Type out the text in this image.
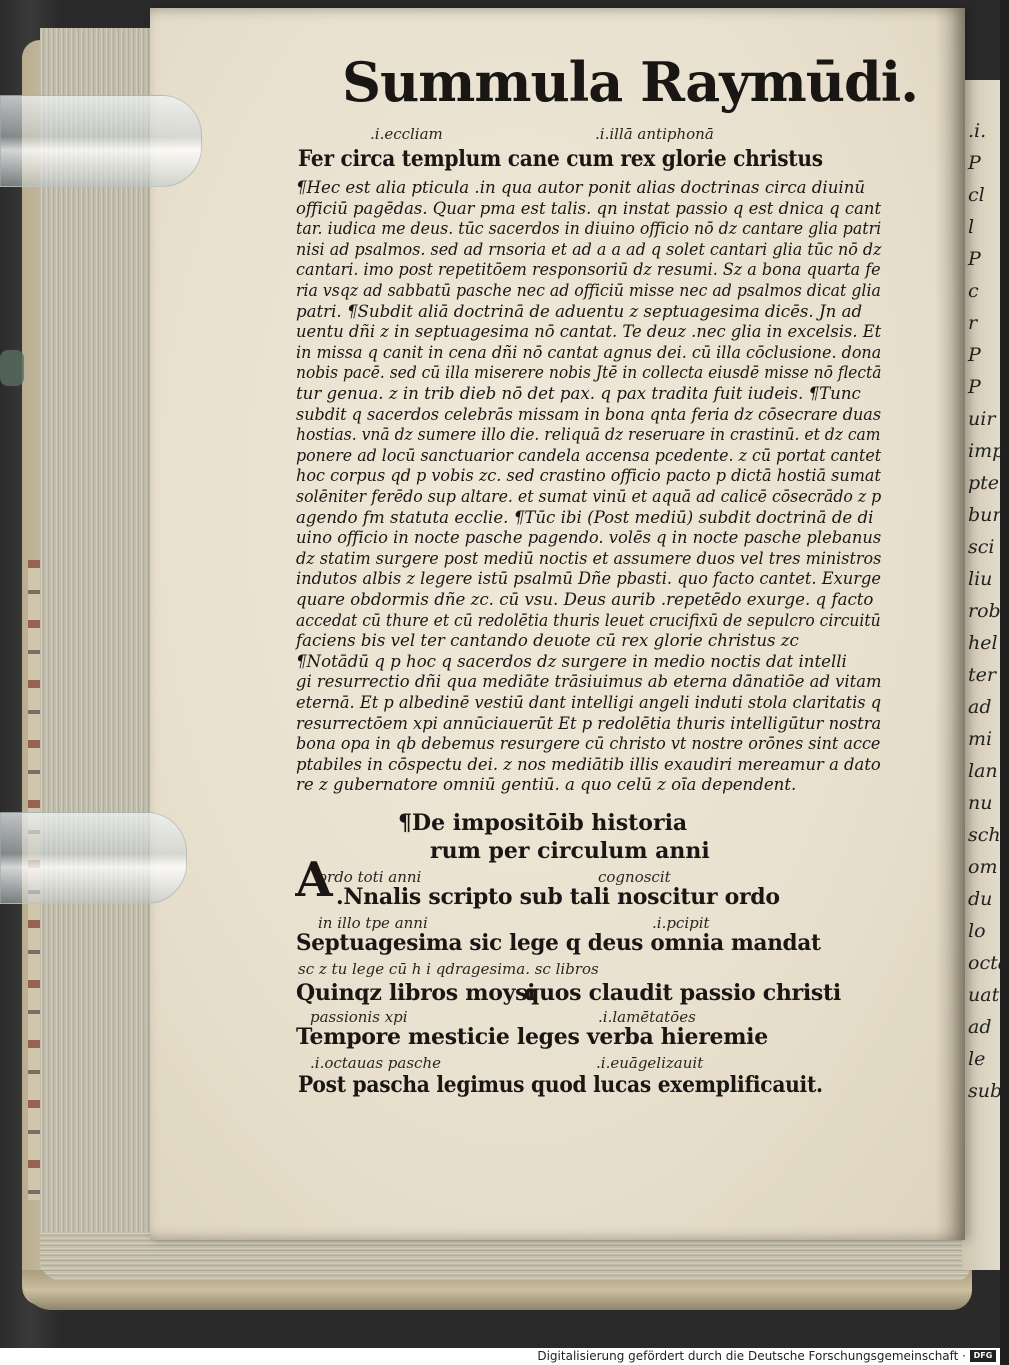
.i.
P
cl
l
P
c
r
P
P
uir
imp
pte
bur
sci
liu
rob
hel
ter
ad
mi
lan
nu
sch
om
du
lo
octa
uat
ad
le
sub
Summula Raymūdi.
.i.eccliam	.i.illā antiphonā
Fer circa templum cane cum rex glorie christus
¶Hec est alia pticula .in qua autor ponit alias doctrinas circa diuinū
officiū pagēdas. Quar pma est talis. qn instat passio q est dnica q cant
tar. iudica me deus. tūc sacerdos in diuino officio nō dz cantare glia patri
nisi ad psalmos. sed ad rnsoria et ad a a ad q solet cantari glia tūc nō dz
cantari. imo post repetitōem responsoriū dz resumi. Sz a bona quarta fe
ria vsqz ad sabbatū pasche nec ad officiū misse nec ad psalmos dicat glia
patri. ¶Subdit aliā doctrinā de aduentu z septuagesima dicēs. Jn ad
uentu dñi z in septuagesima nō cantat. Te deuz .nec glia in excelsis. Et
in missa q canit in cena dñi nō cantat agnus dei. cū illa cōclusione. dona
nobis pacē. sed cū illa miserere nobis Jtē in collecta eiusdē misse nō flectā
tur genua. z in trib dieb nō det pax. q pax tradita fuit iudeis. ¶Tunc
subdit q sacerdos celebrās missam in bona qnta feria dz cōsecrare duas
hostias. vnā dz sumere illo die. reliquā dz reseruare in crastinū. et dz cam
ponere ad locū sanctuarior candela accensa pcedente. z cū portat cantet
hoc corpus qd p vobis zc. sed crastino officio pacto p dictā hostiā sumat
solēniter ferēdo sup altare. et sumat vinū et aquā ad calicē cōsecrādo z p
agendo fm statuta ecclie. ¶Tūc ibi (Post mediū) subdit doctrinā de di
uino officio in nocte pasche pagendo. volēs q in nocte pasche plebanus
dz statim surgere post mediū noctis et assumere duos vel tres ministros
indutos albis z legere istū psalmū Dñe pbasti. quo facto cantet. Exurge
quare obdormis dñe zc. cū vsu. Deus aurib .repetēdo exurge. q facto
accedat cū thure et cū redolētia thuris leuet crucifixū de sepulcro circuitū
faciens bis vel ter cantando deuote cū rex glorie christus zc
¶Notādū q p hoc q sacerdos dz surgere in medio noctis dat intelli
gi resurrectio dñi qua mediāte trāsiuimus ab eterna dānatiōe ad vitam
eternā. Et p albedinē vestiū dant intelligi angeli induti stola claritatis q
resurrectōem xpi annūciauerūt Et p redolētia thuris intelligūtur nostra
bona opa in qb debemus resurgere cū christo vt nostre orōnes sint acce
ptabiles in cōspectu dei. z nos mediātib illis exaudiri mereamur a dato
re z gubernatore omniū gentiū. a quo celū z oīa dependent.
¶De impositōib historia
rum per circulum anni
ordo toti anni	cognoscit
A .Nnalis scripto sub tali noscitur ordo
in illo tpe anni	.i.pcipit
Septuagesima sic lege q deus omnia mandat
sc z tu lege cū h i qdragesima. sc libros
Quinqz libros moysi
quos claudit passio christi
passionis xpi	.i.lamētatōes
Tempore mesticie leges verba hieremie
.i.octauas pasche	.i.euāgelizauit
Post pascha legimus quod lucas exemplificauit.
Digitalisierung gefördert durch die Deutsche Forschungsgemeinschaft · DFG
